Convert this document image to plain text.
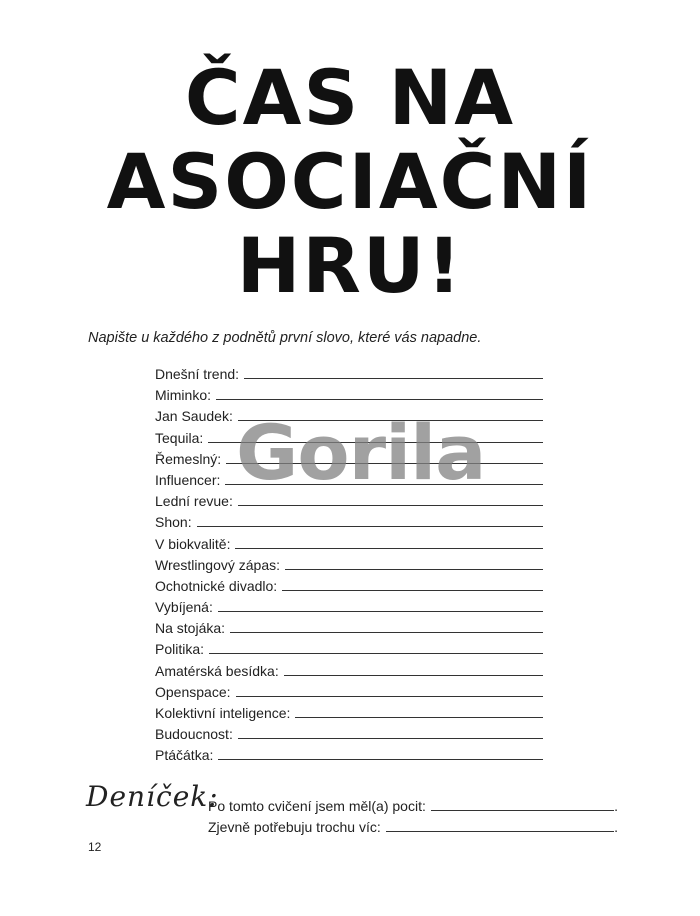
ČAS NA
ASOCIAČNÍ
HRU!
Napište u každého z podnětů první slovo, které vás napadne.
Dnešní trend:
Miminko:
Jan Saudek:
Tequila:
Řemeslný:
Influencer:
Lední revue:
Shon:
V biokvalitě:
Wrestlingový zápas:
Ochotnické divadlo:
Vybíjená:
Na stojáka:
Politika:
Amatérská besídka:
Openspace:
Kolektivní inteligence:
Budoucnost:
Ptáčátka:
Gorila
Deníček:
Po tomto cvičení jsem měl(a) pocit:	.
Zjevně potřebuju trochu víc:	.
12
